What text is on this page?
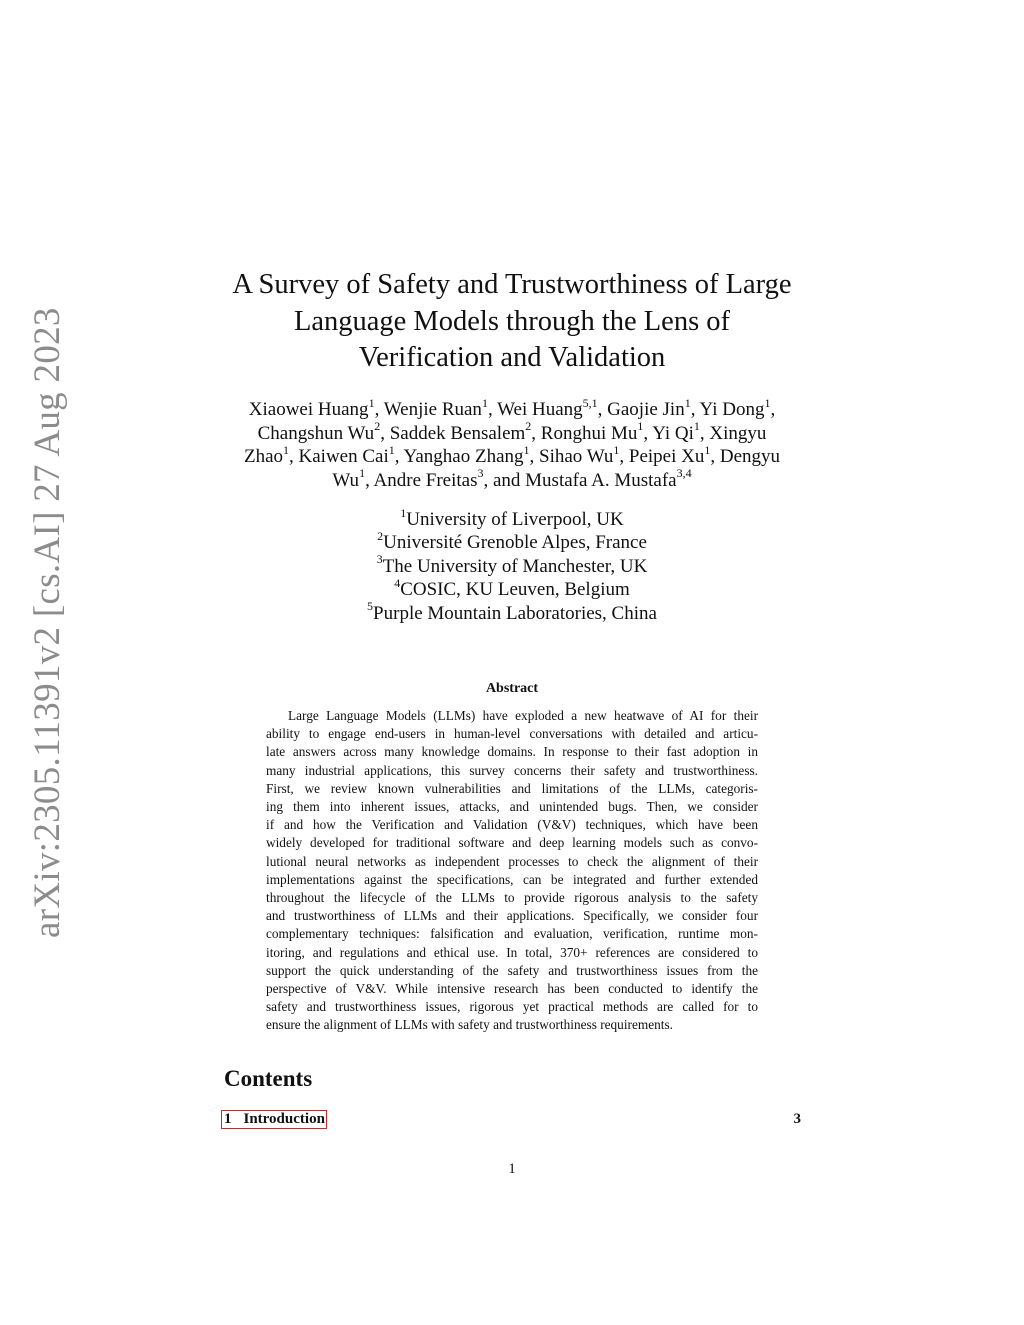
arXiv:2305.11391v2 [cs.AI] 27 Aug 2023
A Survey of Safety and Trustworthiness of Large
Language Models through the Lens of
Verification and Validation
Xiaowei Huang$^1$, Wenjie Ruan$^1$, Wei Huang$^{5,1}$, Gaojie Jin$^1$, Yi Dong$^1$,
Changshun Wu$^2$, Saddek Bensalem$^2$, Ronghui Mu$^1$, Yi Qi$^1$, Xingyu
Zhao$^1$, Kaiwen Cai$^1$, Yanghao Zhang$^1$, Sihao Wu$^1$, Peipei Xu$^1$, Dengyu
Wu$^1$, Andre Freitas$^3$, and Mustafa A. Mustafa$^{3,4}$
$^1$University of Liverpool, UK
$^2$Université Grenoble Alpes, France
$^3$The University of Manchester, UK
$^4$COSIC, KU Leuven, Belgium
$^5$Purple Mountain Laboratories, China
Abstract
Large Language Models (LLMs) have exploded a new heatwave of AI for their
ability to engage end-users in human-level conversations with detailed and articu-
late answers across many knowledge domains. In response to their fast adoption in
many industrial applications, this survey concerns their safety and trustworthiness.
First, we review known vulnerabilities and limitations of the LLMs, categoris-
ing them into inherent issues, attacks, and unintended bugs. Then, we consider
if and how the Verification and Validation (V&V) techniques, which have been
widely developed for traditional software and deep learning models such as convo-
lutional neural networks as independent processes to check the alignment of their
implementations against the specifications, can be integrated and further extended
throughout the lifecycle of the LLMs to provide rigorous analysis to the safety
and trustworthiness of LLMs and their applications. Specifically, we consider four
complementary techniques: falsification and evaluation, verification, runtime mon-
itoring, and regulations and ethical use. In total, 370+ references are considered to
support the quick understanding of the safety and trustworthiness issues from the
perspective of V&V. While intensive research has been conducted to identify the
safety and trustworthiness issues, rigorous yet practical methods are called for to
ensure the alignment of LLMs with safety and trustworthiness requirements.
Contents
1 Introduction	3
1
